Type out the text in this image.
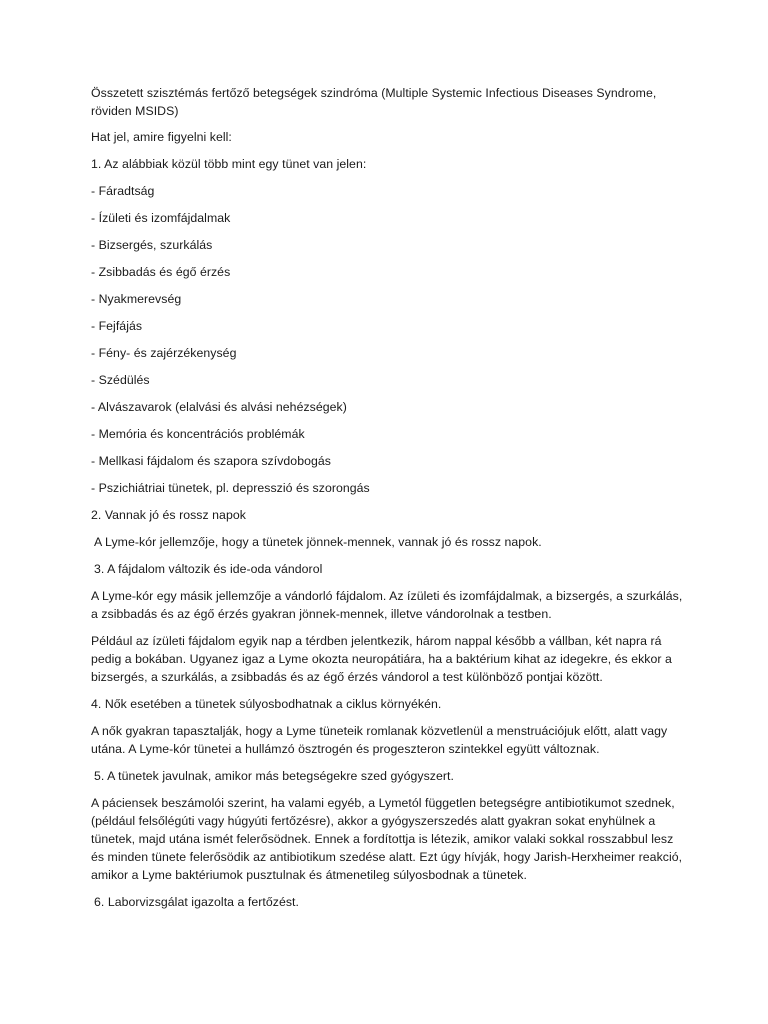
Összetett szisztémás fertőző betegségek szindróma (Multiple Systemic Infectious Diseases Syndrome, röviden MSIDS)

Hat jel, amire figyelni kell:

1. Az alábbiak közül több mint egy tünet van jelen:

- Fáradtság

- Ízületi és izomfájdalmak

- Bizsergés, szurkálás

- Zsibbadás és égő érzés

- Nyakmerevség

- Fejfájás

- Fény- és zajérzékenység

- Szédülés

- Alvászavarok (elalvási és alvási nehézségek)

- Memória és koncentrációs problémák

- Mellkasi fájdalom és szapora szívdobogás

- Pszichiátriai tünetek, pl. depresszió és szorongás

2. Vannak jó és rossz napok

A Lyme-kór jellemzője, hogy a tünetek jönnek-mennek, vannak jó és rossz napok.

3. A fájdalom változik és ide-oda vándorol

A Lyme-kór egy másik jellemzője a vándorló fájdalom. Az ízületi és izomfájdalmak, a bizsergés, a szurkálás, a zsibbadás és az égő érzés gyakran jönnek-mennek, illetve vándorolnak a testben.

Például az ízületi fájdalom egyik nap a térdben jelentkezik, három nappal később a vállban, két napra rá pedig a bokában. Ugyanez igaz a Lyme okozta neuropátiára, ha a baktérium kihat az idegekre, és ekkor a bizsergés, a szurkálás, a zsibbadás és az égő érzés vándorol a test különböző pontjai között.

4. Nők esetében a tünetek súlyosbodhatnak a ciklus környékén.

A nők gyakran tapasztalják, hogy a Lyme tüneteik romlanak közvetlenül a menstruációjuk előtt, alatt vagy utána. A Lyme-kór tünetei a hullámzó ösztrogén és progeszteron szintekkel együtt változnak.

5. A tünetek javulnak, amikor más betegségekre szed gyógyszert.

A páciensek beszámolói szerint, ha valami egyéb, a Lymetól független betegségre antibiotikumot szednek, (például felsőlégúti vagy húgyúti fertőzésre), akkor a gyógyszerszedés alatt gyakran sokat enyhülnek a tünetek, majd utána ismét felerősödnek. Ennek a fordítottja is létezik, amikor valaki sokkal rosszabbul lesz és minden tünete felerősödik az antibiotikum szedése alatt. Ezt úgy hívják, hogy Jarish-Herxheimer reakció, amikor a Lyme baktériumok pusztulnak és átmenetileg súlyosbodnak a tünetek.

6. Laborvizsgálat igazolta a fertőzést.
